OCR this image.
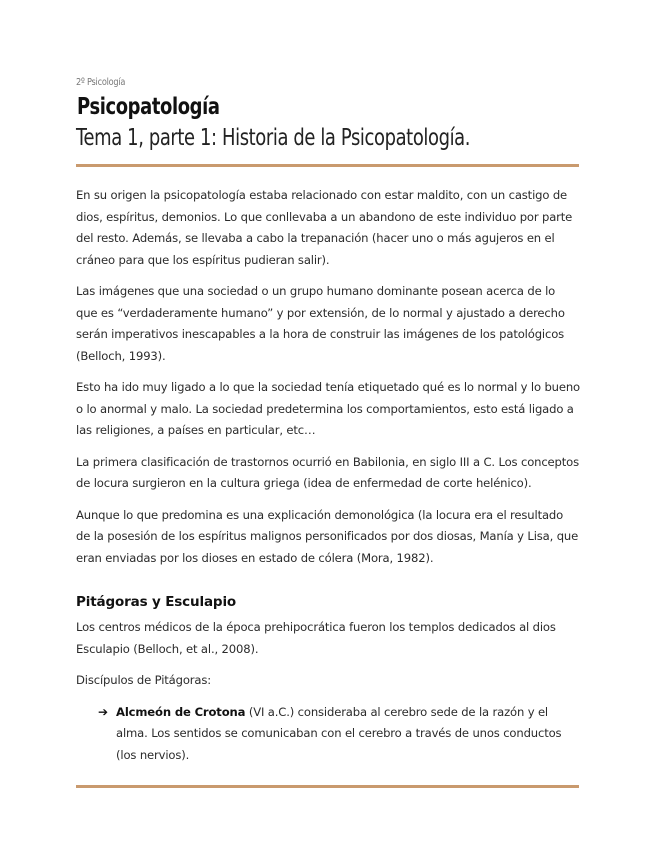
2º Psicología
Psicopatología
Tema 1, parte 1: Historia de la Psicopatología.

En su origen la psicopatología estaba relacionado con estar maldito, con un castigo de dios, espíritus, demonios. Lo que conllevaba a un abandono de este individuo por parte del resto. Además, se llevaba a cabo la trepanación (hacer uno o más agujeros en el cráneo para que los espíritus pudieran salir).

Las imágenes que una sociedad o un grupo humano dominante posean acerca de lo que es “verdaderamente humano” y por extensión, de lo normal y ajustado a derecho serán imperativos inescapables a la hora de construir las imágenes de los patológicos (Belloch, 1993).

Esto ha ido muy ligado a lo que la sociedad tenía etiquetado qué es lo normal y lo bueno o lo anormal y malo. La sociedad predetermina los comportamientos, esto está ligado a las religiones, a países en particular, etc…

La primera clasificación de trastornos ocurrió en Babilonia, en siglo III a C. Los conceptos de locura surgieron en la cultura griega (idea de enfermedad de corte helénico).

Aunque lo que predomina es una explicación demonológica (la locura era el resultado de la posesión de los espíritus malignos personificados por dos diosas, Manía y Lisa, que eran enviadas por los dioses en estado de cólera (Mora, 1982).

Pitágoras y Esculapio

Los centros médicos de la época prehipocrática fueron los templos dedicados al dios Esculapio (Belloch, et al., 2008).

Discípulos de Pitágoras:

➔ Alcmeón de Crotona (VI a.C.) consideraba al cerebro sede de la razón y el alma. Los sentidos se comunicaban con el cerebro a través de unos conductos (los nervios).
